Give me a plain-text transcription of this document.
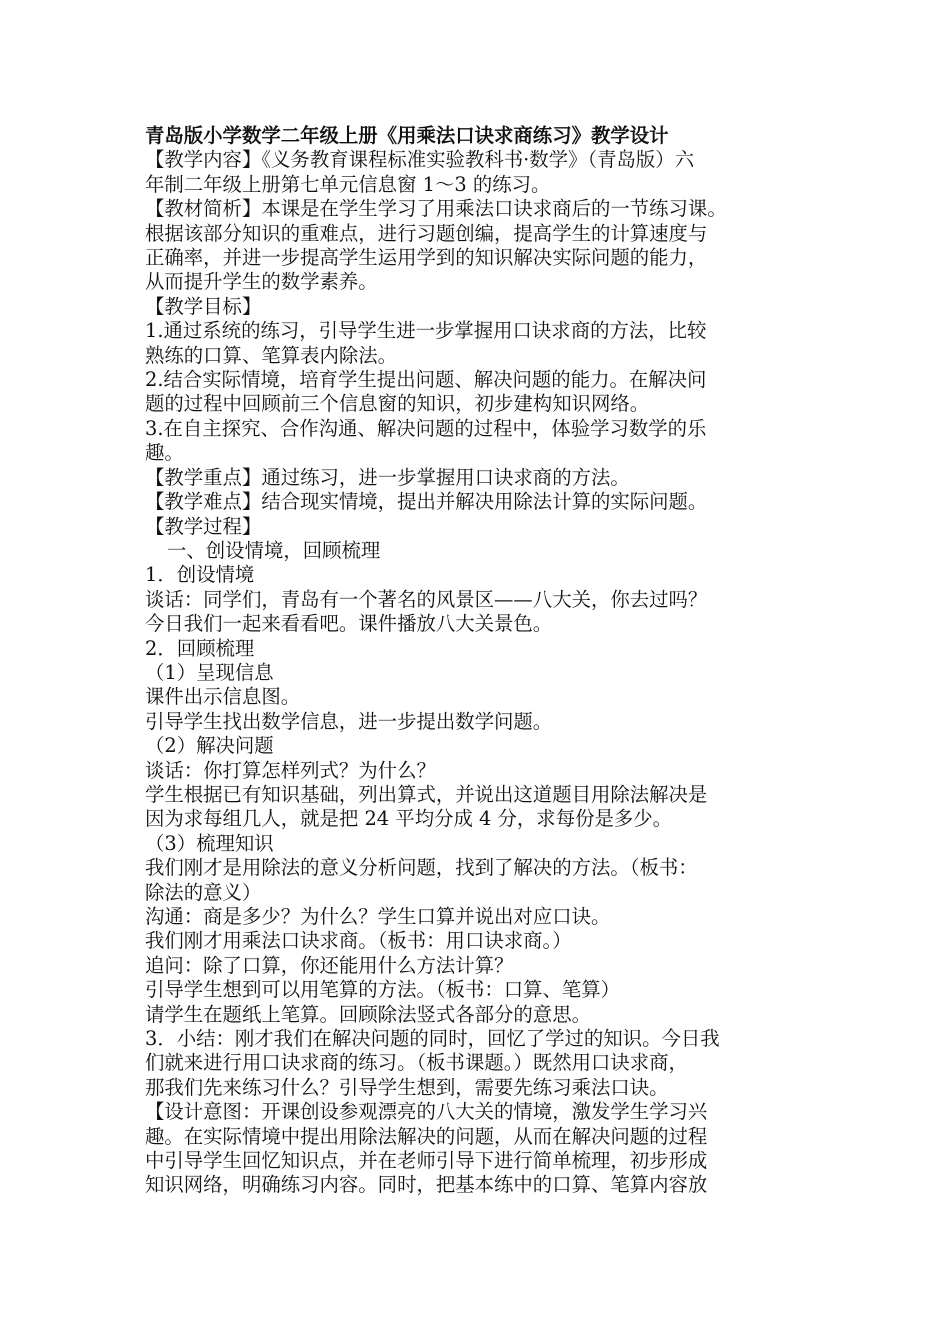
青岛版小学数学二年级上册《用乘法口诀求商练习》教学设计
【教学内容】《义务教育课程标准实验教科书·数学》（青岛版）六
年制二年级上册第七单元信息窗 1～3 的练习。
【教材简析】本课是在学生学习了用乘法口诀求商后的一节练习课。
根据该部分知识的重难点，进行习题创编，提高学生的计算速度与
正确率，并进一步提高学生运用学到的知识解决实际问题的能力，
从而提升学生的数学素养。
【教学目标】
1.通过系统的练习，引导学生进一步掌握用口诀求商的方法，比较
熟练的口算、笔算表内除法。
2.结合实际情境，培育学生提出问题、解决问题的能力。在解决问
题的过程中回顾前三个信息窗的知识，初步建构知识网络。
3.在自主探究、合作沟通、解决问题的过程中，体验学习数学的乐
趣。
【教学重点】通过练习，进一步掌握用口诀求商的方法。
【教学难点】结合现实情境，提出并解决用除法计算的实际问题。
【教学过程】
一、创设情境，回顾梳理
1．创设情境
谈话：同学们，青岛有一个著名的风景区——八大关，你去过吗？
今日我们一起来看看吧。课件播放八大关景色。
2．回顾梳理
（1）呈现信息
课件出示信息图。
引导学生找出数学信息，进一步提出数学问题。
（2）解决问题
谈话：你打算怎样列式？为什么？
学生根据已有知识基础，列出算式，并说出这道题目用除法解决是
因为求每组几人，就是把 24 平均分成 4 分，求每份是多少。
（3）梳理知识
我们刚才是用除法的意义分析问题，找到了解决的方法。（板书：
除法的意义）
沟通：商是多少？为什么？学生口算并说出对应口诀。
我们刚才用乘法口诀求商。（板书：用口诀求商。）
追问：除了口算，你还能用什么方法计算？
引导学生想到可以用笔算的方法。（板书：口算、笔算）
请学生在题纸上笔算。回顾除法竖式各部分的意思。
3．小结：刚才我们在解决问题的同时，回忆了学过的知识。今日我
们就来进行用口诀求商的练习。（板书课题。）既然用口诀求商，
那我们先来练习什么？引导学生想到，需要先练习乘法口诀。
【设计意图：开课创设参观漂亮的八大关的情境，激发学生学习兴
趣。在实际情境中提出用除法解决的问题，从而在解决问题的过程
中引导学生回忆知识点，并在老师引导下进行简单梳理，初步形成
知识网络，明确练习内容。同时，把基本练中的口算、笔算内容放
